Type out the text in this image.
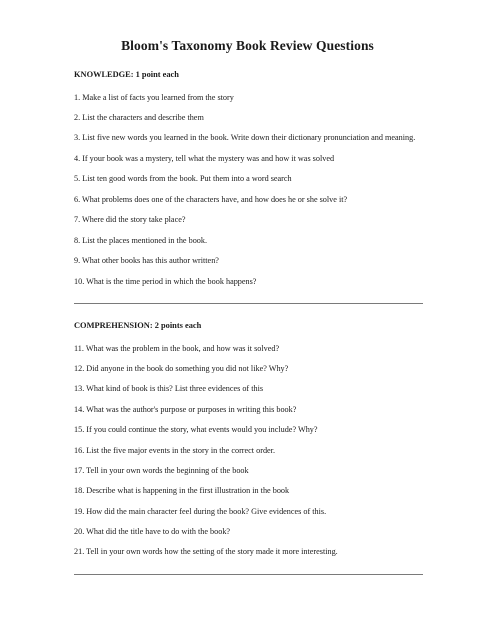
Bloom's Taxonomy Book Review Questions
KNOWLEDGE: 1 point each
1. Make a list of facts you learned from the story
2. List the characters and describe them
3. List five new words you learned in the book. Write down their dictionary pronunciation and meaning.
4. If your book was a mystery, tell what the mystery was and how it was solved
5. List ten good words from the book. Put them into a word search
6. What problems does one of the characters have, and how does he or she solve it?
7. Where did the story take place?
8. List the places mentioned in the book.
9. What other books has this author written?
10. What is the time period in which the book happens?
COMPREHENSION: 2 points each
11. What was the problem in the book, and how was it solved?
12. Did anyone in the book do something you did not like? Why?
13. What kind of book is this? List three evidences of this
14. What was the author's purpose or purposes in writing this book?
15. If you could continue the story, what events would you include? Why?
16. List the five major events in the story in the correct order.
17. Tell in your own words the beginning of the book
18. Describe what is happening in the first illustration in the book
19. How did the main character feel during the book? Give evidences of this.
20. What did the title have to do with the book?
21. Tell in your own words how the setting of the story made it more interesting.
